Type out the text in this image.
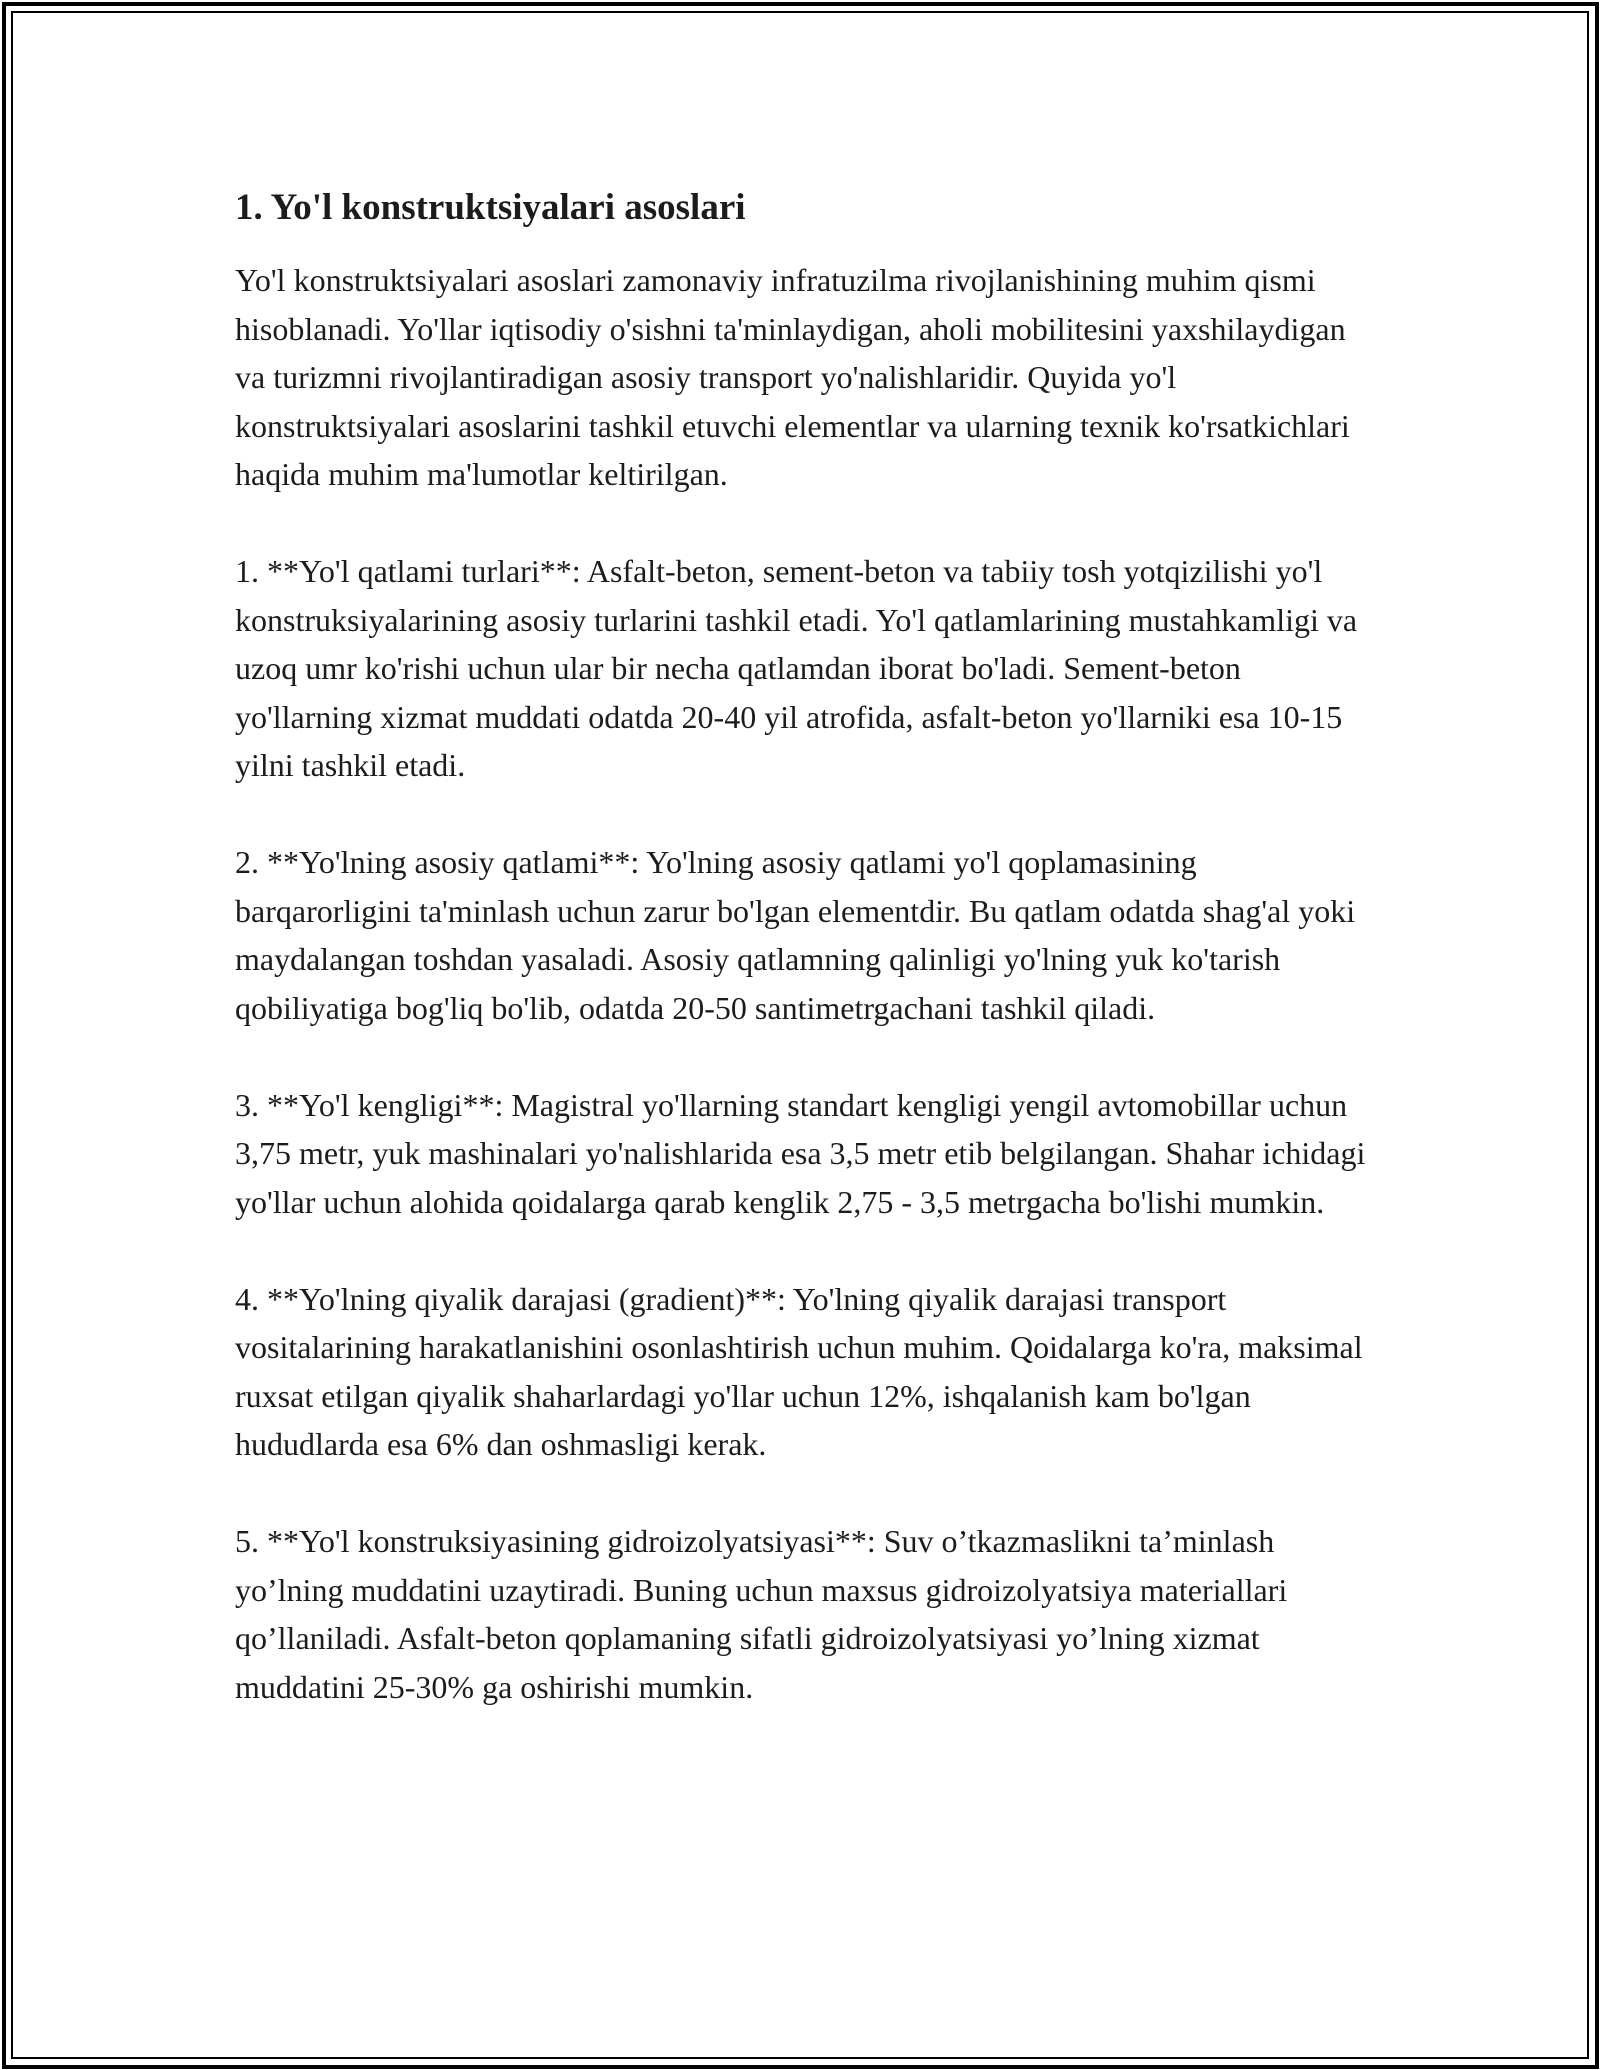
1. Yo'l konstruktsiyalari asoslari

Yo'l konstruktsiyalari asoslari zamonaviy infratuzilma rivojlanishining muhim qismi hisoblanadi. Yo'llar iqtisodiy o'sishni ta'minlaydigan, aholi mobilitesini yaxshilaydigan va turizmni rivojlantiradigan asosiy transport yo'nalishlaridir. Quyida yo'l konstruktsiyalari asoslarini tashkil etuvchi elementlar va ularning texnik ko'rsatkichlari haqida muhim ma'lumotlar keltirilgan.

1. **Yo'l qatlami turlari**: Asfalt-beton, sement-beton va tabiiy tosh yotqizilishi yo'l konstruksiyalarining asosiy turlarini tashkil etadi. Yo'l qatlamlarining mustahkamligi va uzoq umr ko'rishi uchun ular bir necha qatlamdan iborat bo'ladi. Sement-beton yo'llarning xizmat muddati odatda 20-40 yil atrofida, asfalt-beton yo'llarniki esa 10-15 yilni tashkil etadi.

2. **Yo'lning asosiy qatlami**: Yo'lning asosiy qatlami yo'l qoplamasining barqarorligini ta'minlash uchun zarur bo'lgan elementdir. Bu qatlam odatda shag'al yoki maydalangan toshdan yasaladi. Asosiy qatlamning qalinligi yo'lning yuk ko'tarish qobiliyatiga bog'liq bo'lib, odatda 20-50 santimetrgachani tashkil qiladi.

3. **Yo'l kengligi**: Magistral yo'llarning standart kengligi yengil avtomobillar uchun 3,75 metr, yuk mashinalari yo'nalishlarida esa 3,5 metr etib belgilangan. Shahar ichidagi yo'llar uchun alohida qoidalarga qarab kenglik 2,75 - 3,5 metrgacha bo'lishi mumkin.

4. **Yo'lning qiyalik darajasi (gradient)**: Yo'lning qiyalik darajasi transport vositalarining harakatlanishini osonlashtirish uchun muhim. Qoidalarga ko'ra, maksimal ruxsat etilgan qiyalik shaharlardagi yo'llar uchun 12%, ishqalanish kam bo'lgan hududlarda esa 6% dan oshmasligi kerak.

5. **Yo'l konstruksiyasining gidroizolyatsiyasi**: Suv o’tkazmaslikni ta’minlash yo’lning muddatini uzaytiradi. Buning uchun maxsus gidroizolyatsiya materiallari qo’llaniladi. Asfalt-beton qoplamaning sifatli gidroizolyatsiyasi yo’lning xizmat muddatini 25-30% ga oshirishi mumkin.
